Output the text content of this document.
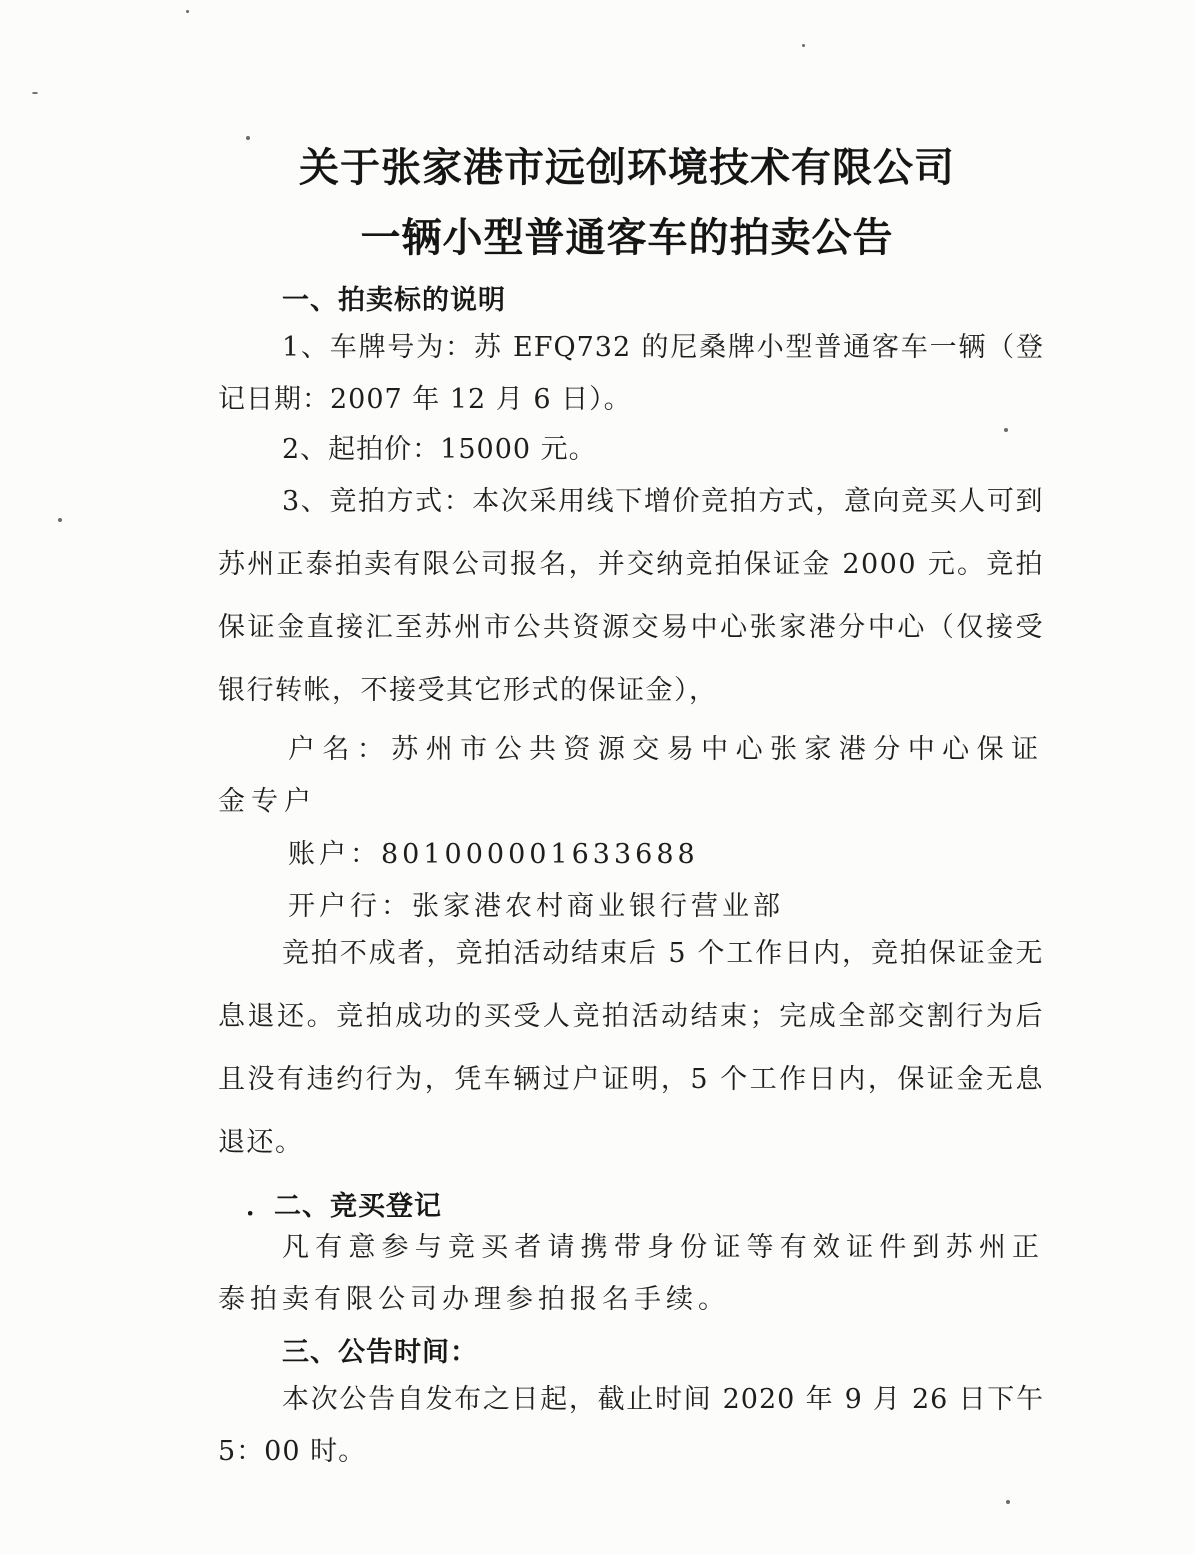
关于张家港市远创环境技术有限公司
一辆小型普通客车的拍卖公告
一、拍卖标的说明
1、车牌号为：苏 EFQ732 的尼桑牌小型普通客车一辆（登记日期：2007 年 12 月 6 日）。
2、起拍价：15000 元。
3、竞拍方式：本次采用线下增价竞拍方式，意向竞买人可到苏州正泰拍卖有限公司报名，并交纳竞拍保证金 2000 元。竞拍保证金直接汇至苏州市公共资源交易中心张家港分中心（仅接受银行转帐，不接受其它形式的保证金），
户名：苏州市公共资源交易中心张家港分中心保证金专户
账户：801000001633688
开户行：张家港农村商业银行营业部
竞拍不成者，竞拍活动结束后 5 个工作日内，竞拍保证金无息退还。竞拍成功的买受人竞拍活动结束；完成全部交割行为后且没有违约行为，凭车辆过户证明，5 个工作日内，保证金无息退还。
．二、竞买登记
凡有意参与竞买者请携带身份证等有效证件到苏州正泰拍卖有限公司办理参拍报名手续。
三、公告时间：
本次公告自发布之日起，截止时间 2020 年 9 月 26 日下午 5：00 时。
